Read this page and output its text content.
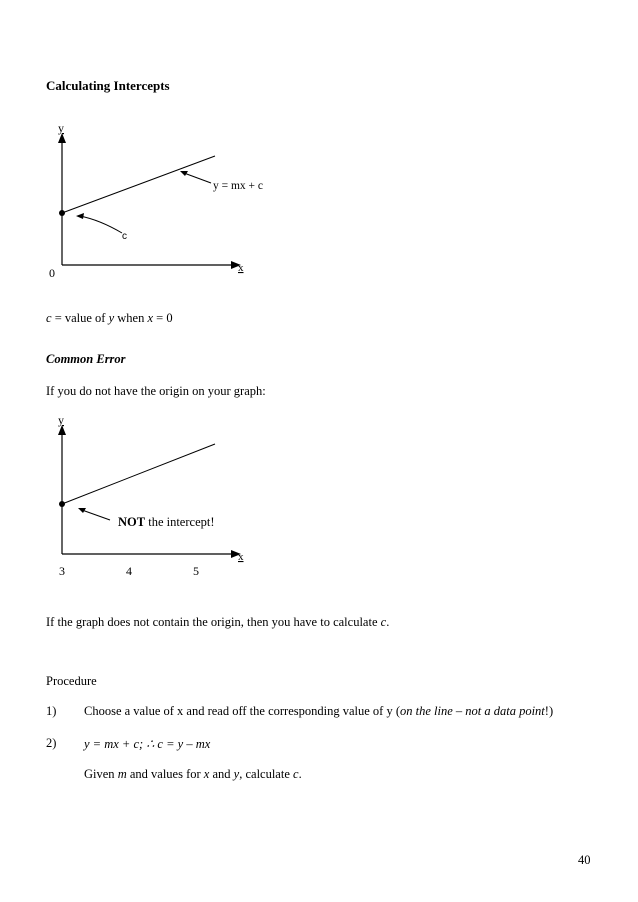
Calculating Intercepts
y
x
0
y = mx + c
c
c = value of y when x = 0
Common Error
If you do not have the origin on your graph:
y
x
3	4	5
NOT the intercept!
If the graph does not contain the origin, then you have to calculate c.
Procedure
1) Choose a value of x and read off the corresponding value of y (on the line – not a data point!)
2) y = mx + c; ∴ c = y – mx
Given m and values for x and y, calculate c.
40
